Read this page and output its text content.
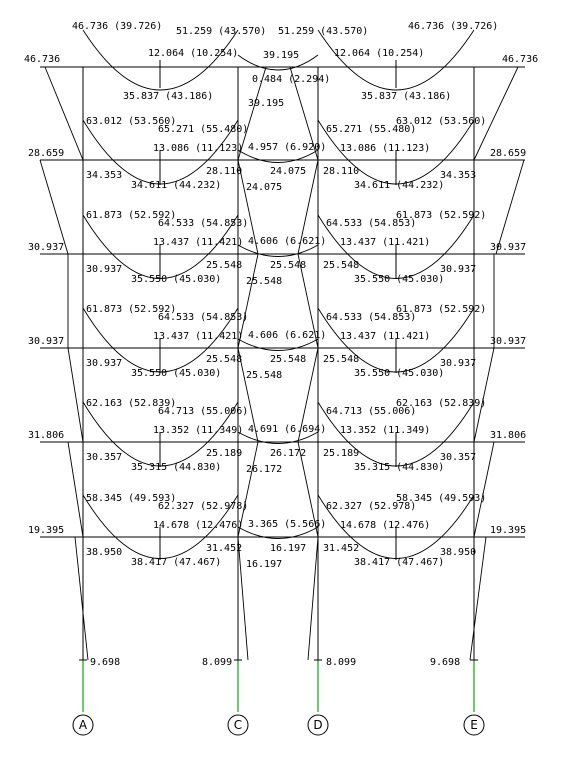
A	C	D	E
46.736 (39.726) 51.259 (43.570) 51.259 (43.570)	46.736 (39.726)
46.736	46.736
12.064 (10.254)	12.064 (10.254)
39.195
0.484 (2.294)
39.195
35.837 (43.186)	35.837 (43.186)
63.012 (53.560)	63.012 (53.560)
65.271 (55.480)	65.271 (55.480)
13.086 (11.123)	13.086 (11.123)
4.957 (6.920)
28.659	28.659
34.353	34.353
28.110	28.110
34.611 (44.232)	34.611 (44.232)
24.075
24.075
61.873 (52.592)	61.873 (52.592)
64.533 (54.853)	64.533 (54.853)
13.437 (11.421)	13.437 (11.421)
4.606 (6.621)
30.937	30.937
30.937	30.937
25.548	25.548
35.550 (45.030)	35.550 (45.030)
25.548
25.548
61.873 (52.592)	61.873 (52.592)
64.533 (54.853)	64.533 (54.853)
13.437 (11.421)	13.437 (11.421)
4.606 (6.621)
30.937	30.937
30.937	30.937
25.548	25.548
35.550 (45.030)	35.550 (45.030)
25.548
25.548
62.163 (52.839)	62.163 (52.839)
64.713 (55.006)	64.713 (55.006)
13.352 (11.349)	13.352 (11.349)
4.691 (6.694)
31.806	31.806
30.357	30.357
25.189	25.189
35.315 (44.830)	35.315 (44.830)
26.172
26.172
58.345 (49.593)	58.345 (49.593)
62.327 (52.978)	62.327 (52.978)
14.678 (12.476)	14.678 (12.476)
3.365 (5.566)
19.395	19.395
38.950	38.950
31.452	31.452
38.417 (47.467)	38.417 (47.467)
16.197
16.197
9.698	8.099	8.099	9.698
